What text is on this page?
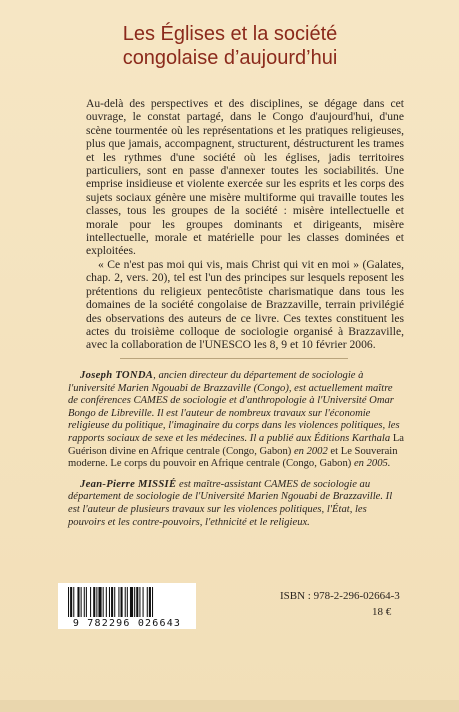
Les Églises et la société
congolaise d’aujourd’hui

Au-delà des perspectives et des disciplines, se dégage dans cet ouvrage, le constat partagé, dans le Congo d'aujourd'hui, d'une scène tourmentée où les représentations et les pratiques religieuses, plus que jamais, accompagnent, structurent, déstructurent les trames et les rythmes d'une société où les églises, jadis territoires particuliers, sont en passe d'annexer toutes les sociabilités. Une emprise insidieuse et violente exercée sur les esprits et les corps des sujets sociaux génère une misère multiforme qui travaille toutes les classes, tous les groupes de la société : misère intellectuelle et morale pour les groupes dominants et dirigeants, misère intellectuelle, morale et matérielle pour les classes dominées et exploitées.

« Ce n'est pas moi qui vis, mais Christ qui vit en moi » (Galates, chap. 2, vers. 20), tel est l'un des principes sur lesquels reposent les prétentions du religieux pentecôtiste charismatique dans tous les domaines de la société congolaise de Brazzaville, terrain privilégié des observations des auteurs de ce livre. Ces textes constituent les actes du troisième colloque de sociologie organisé à Brazzaville, avec la collaboration de l'UNESCO les 8, 9 et 10 février 2006.

Joseph TONDA, ancien directeur du département de sociologie à l'université Marien Ngouabi de Brazzaville (Congo), est actuellement maître de conférences CAMES de sociologie et d'anthropologie à l'Université Omar Bongo de Libreville. Il est l'auteur de nombreux travaux sur l'économie religieuse du politique, l'imaginaire du corps dans les violences politiques, les rapports sociaux de sexe et les médecines. Il a publié aux Éditions Karthala La Guérison divine en Afrique centrale (Congo, Gabon) en 2002 et Le Souverain moderne. Le corps du pouvoir en Afrique centrale (Congo, Gabon) en 2005.

Jean-Pierre MISSIÉ est maître-assistant CAMES de sociologie au département de sociologie de l'Université Marien Ngouabi de Brazzaville. Il est l'auteur de plusieurs travaux sur les violences politiques, l'État, les pouvoirs et les contre-pouvoirs, l'ethnicité et le religieux.

9 782296 026643
ISBN : 978-2-296-02664-3
18 €
